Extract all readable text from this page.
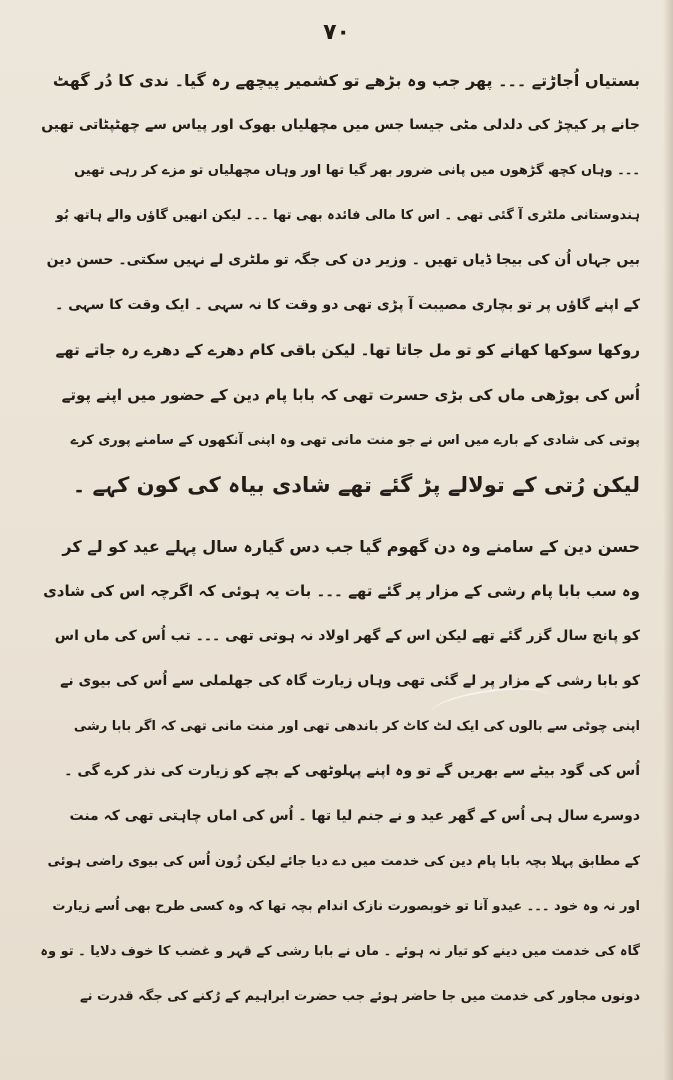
۷۰
بستیاں اُجاڑتے ۔۔۔ پھر جب وہ بڑھے تو کشمیر پیچھے رہ گیا۔ ندی کا دُر گھٹ
جانے پر کیچڑ کی دلدلی مٹی جیسا جس میں مچھلیاں بھوک اور پیاس سے چھٹپٹاتی تھیں
۔۔۔ وہاں کچھ گڑھوں میں پانی ضرور بھر گیا تھا اور وہاں مچھلیاں تو مزے کر رہی تھیں
ہندوستانی ملٹری آ گئی تھی ۔ اس کا مالی فائدہ بھی تھا ۔۔۔ لیکن انھیں گاؤں والے ہاتھ بُو
بیں جہاں اُن کی بیجا ڈیاں تھیں ۔ وزیر دن کی جگہ تو ملٹری لے نہیں سکتی۔ حسن دین
کے اپنے گاؤں پر تو بچاری مصیبت آ پڑی تھی دو وقت کا نہ سہی ۔ ایک وقت کا سہی ۔
روکھا سوکھا کھانے کو تو مل جاتا تھا۔ لیکن باقی کام دھرے کے دھرے رہ جاتے تھے
اُس کی بوڑھی ماں کی بڑی حسرت تھی کہ بابا پام دین کے حضور میں اپنے پوتے
پوتی کی شادی کے بارے میں اس نے جو منت مانی تھی وہ اپنی آنکھوں کے سامنے پوری کرے
لیکن رُتی کے تولالے پڑ گئے تھے شادی بیاہ کی کون کہے ۔
حسن دین کے سامنے وہ دن گھوم گیا جب دس گیارہ سال پہلے عید کو لے کر
وہ سب بابا پام رشی کے مزار پر گئے تھے ۔۔۔ بات یہ ہوئی کہ اگرچہ اس کی شادی
کو پانچ سال گزر گئے تھے لیکن اس کے گھر اولاد نہ ہوتی تھی ۔۔۔ تب اُس کی ماں اس
کو بابا رشی کے مزار پر لے گئی تھی وہاں زیارت گاہ کی جھلملی سے اُس کی بیوی نے
اپنی چوٹی سے بالوں کی ایک لٹ کاٹ کر باندھی تھی اور منت مانی تھی کہ اگر بابا رشی
اُس کی گود بیٹے سے بھریں گے تو وہ اپنے پہلوٹھی کے بچے کو زیارت کی نذر کرے گی ۔
دوسرے سال ہی اُس کے گھر عید و نے جنم لیا تھا ۔ اُس کی اماں چاہتی تھی کہ منت
کے مطابق پہلا بچہ بابا پام دین کی خدمت میں دے دیا جائے لیکن زُون اُس کی بیوی راضی ہوئی
اور نہ وہ خود ۔۔۔ عیدو آنا تو خوبصورت نازک اندام بچہ تھا کہ وہ کسی طرح بھی اُسے زیارت
گاہ کی خدمت میں دینے کو تیار نہ ہوئے ۔ ماں نے بابا رشی کے قہر و غضب کا خوف دلایا ۔ تو وہ
دونوں مجاور کی خدمت میں جا حاضر ہوئے جب حضرت ابراہیم کے رُکنے کی جگہ قدرت نے
